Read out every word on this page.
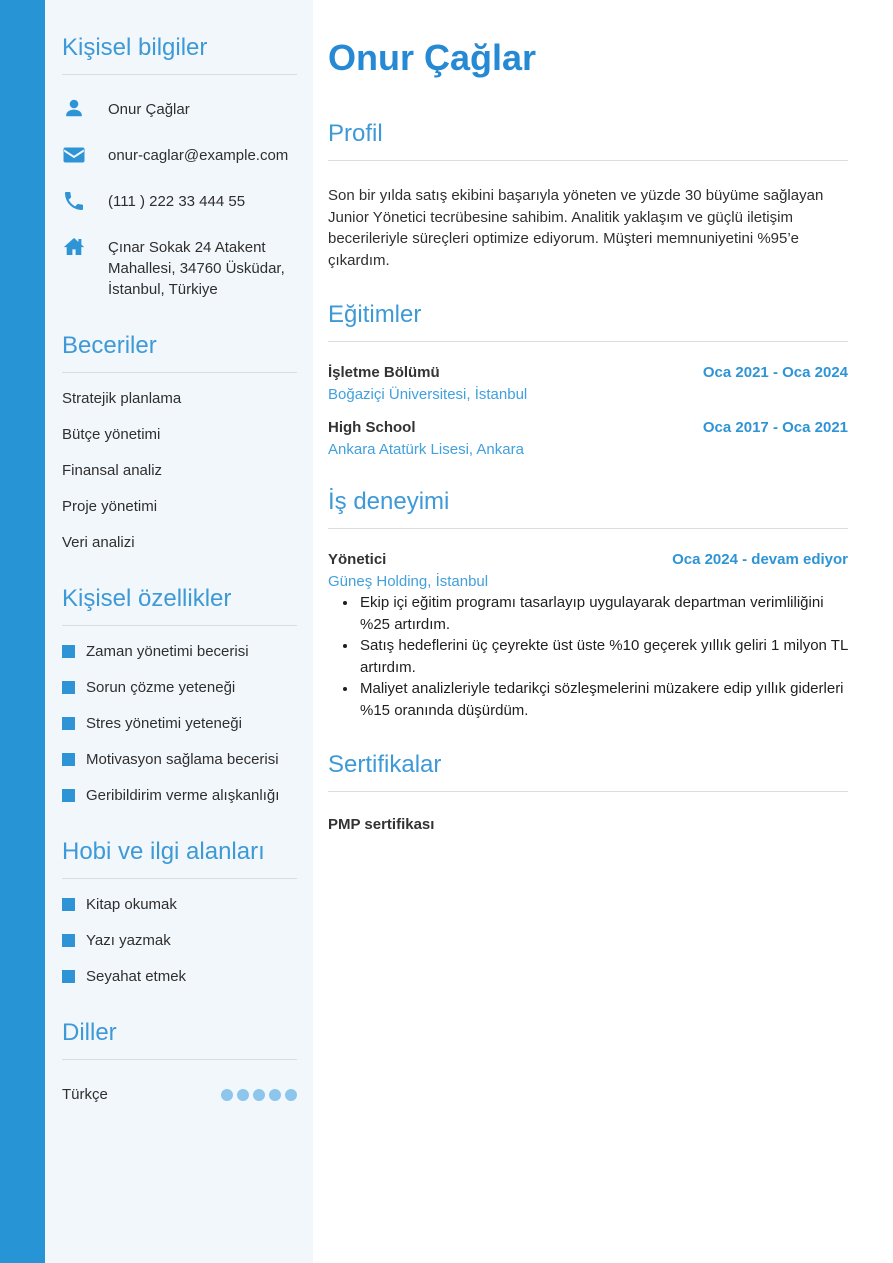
Kişisel bilgiler
Onur Çağlar
onur-caglar@example.com
(111 ) 222 33 444 55
Çınar Sokak 24 Atakent Mahallesi, 34760 Üsküdar, İstanbul, Türkiye
Beceriler
Stratejik planlama
Bütçe yönetimi
Finansal analiz
Proje yönetimi
Veri analizi
Kişisel özellikler
Zaman yönetimi becerisi
Sorun çözme yeteneği
Stres yönetimi yeteneği
Motivasyon sağlama becerisi
Geribildirim verme alışkanlığı
Hobi ve ilgi alanları
Kitap okumak
Yazı yazmak
Seyahat etmek
Diller
Türkçe
Onur Çağlar
Profil

Son bir yılda satış ekibini başarıyla yöneten ve yüzde 30 büyüme sağlayan Junior Yönetici tecrübesine sahibim. Analitik yaklaşım ve güçlü iletişim becerileriyle süreçleri optimize ediyorum. Müşteri memnuniyetini %95’e çıkardım.

Eğitimler
İşletme Bölümü	Oca 2021 - Oca 2024
Boğaziçi Üniversitesi, İstanbul
High School	Oca 2017 - Oca 2021
Ankara Atatürk Lisesi, Ankara
İş deneyimi
Yönetici	Oca 2024 - devam ediyor
Güneş Holding, İstanbul
• Ekip içi eğitim programı tasarlayıp uygulayarak departman verimliliğini %25 artırdım.
• Satış hedeflerini üç çeyrekte üst üste %10 geçerek yıllık geliri 1 milyon TL artırdım.
• Maliyet analizleriyle tedarikçi sözleşmelerini müzakere edip yıllık giderleri %15 oranında düşürdüm.
Sertifikalar
PMP sertifikası
